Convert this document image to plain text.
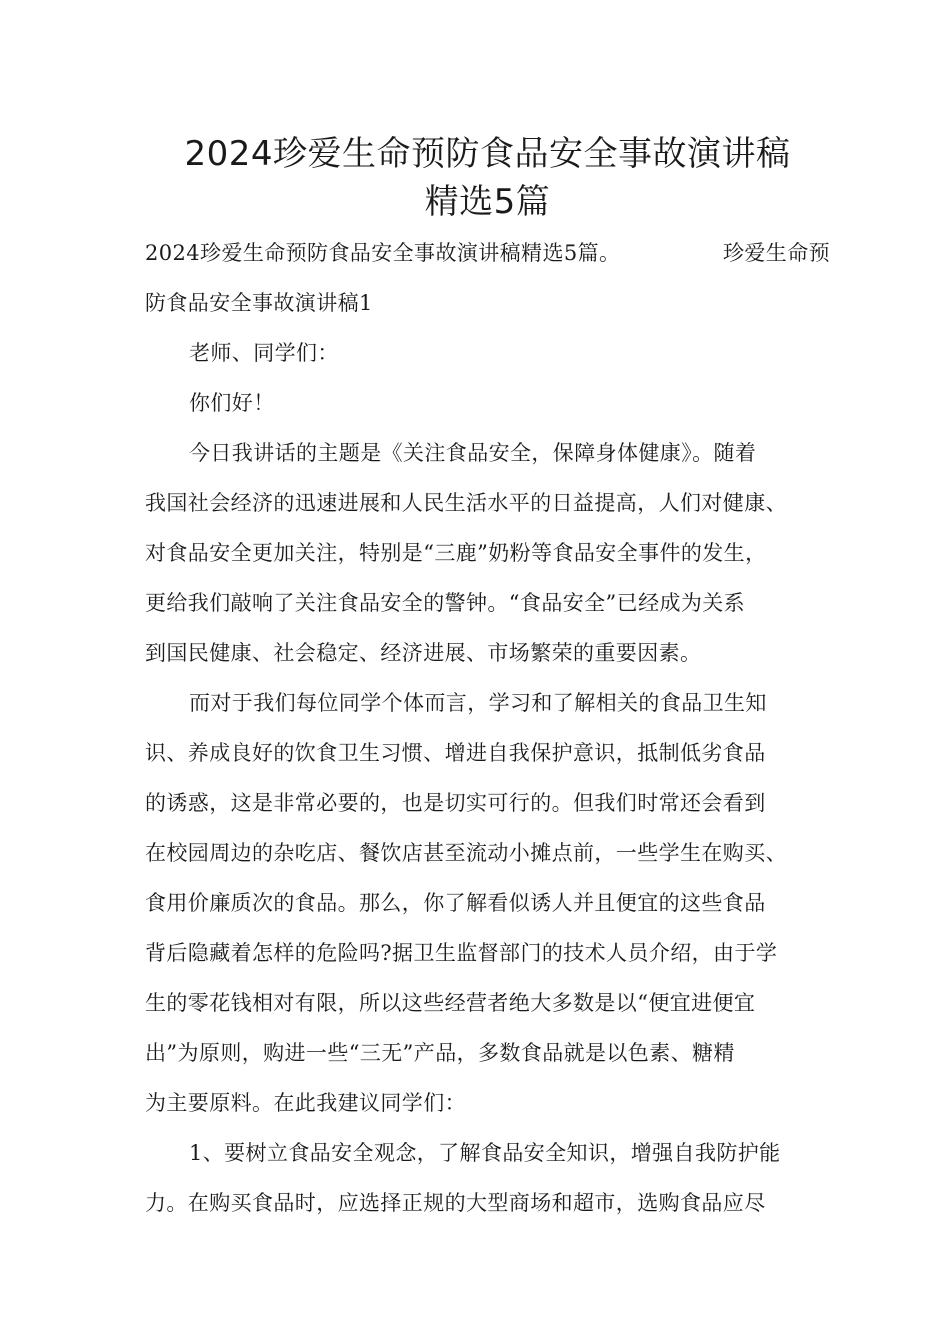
2024珍爱生命预防食品安全事故演讲稿
精选5篇
2024珍爱生命预防食品安全事故演讲稿精选5篇。	珍爱生命预
防食品安全事故演讲稿1
老师、同学们：
你们好！
今日我讲话的主题是《关注食品安全，保障身体健康》。随着
我国社会经济的迅速进展和人民生活水平的日益提高，人们对健康、
对食品安全更加关注，特别是“三鹿”奶粉等食品安全事件的发生，
更给我们敲响了关注食品安全的警钟。“食品安全”已经成为关系
到国民健康、社会稳定、经济进展、市场繁荣的重要因素。
而对于我们每位同学个体而言，学习和了解相关的食品卫生知
识、养成良好的饮食卫生习惯、增进自我保护意识，抵制低劣食品
的诱惑，这是非常必要的，也是切实可行的。但我们时常还会看到
在校园周边的杂吃店、餐饮店甚至流动小摊点前，一些学生在购买、
食用价廉质次的食品。那么，你了解看似诱人并且便宜的这些食品
背后隐藏着怎样的危险吗?据卫生监督部门的技术人员介绍，由于学
生的零花钱相对有限，所以这些经营者绝大多数是以“便宜进便宜
出”为原则，购进一些“三无”产品，多数食品就是以色素、糖精
为主要原料。在此我建议同学们：
1、要树立食品安全观念，了解食品安全知识，增强自我防护能
力。在购买食品时，应选择正规的大型商场和超市，选购食品应尽
